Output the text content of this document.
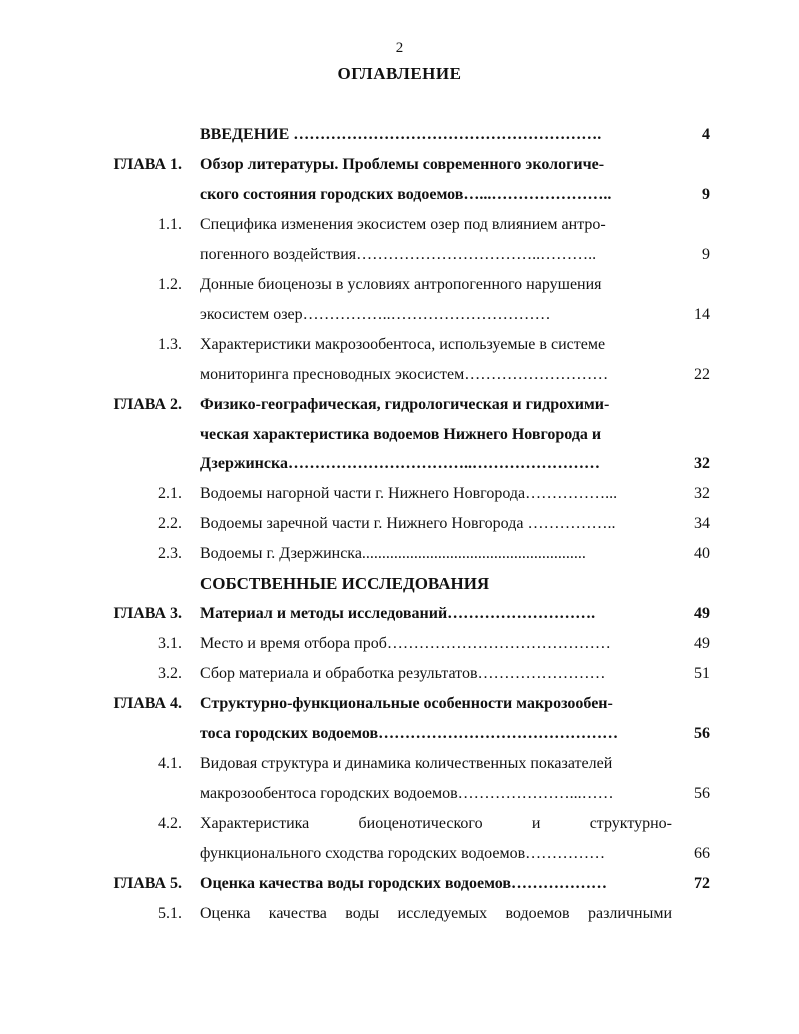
2
ОГЛАВЛЕНИЕ
ВВЕДЕНИЕ ………………………………………………….	4
ГЛАВА 1. Обзор литературы. Проблемы современного экологиче-
ского состояния городских водоемов…...…………………..	9
1.1. Специфика изменения экосистем озер под влиянием антро-
погенного воздействия……………………………..………..	9
1.2. Донные биоценозы в условиях антропогенного нарушения
экосистем озер……………..…………………………	14
1.3. Характеристики макрозообентоса, используемые в системе
мониторинга пресноводных экосистем………………………	22
ГЛАВА 2. Физико-географическая, гидрологическая и гидрохими-
ческая характеристика водоемов Нижнего Новгорода и
Дзержинска……………………………..……………………	32
2.1. Водоемы нагорной части г. Нижнего Новгорода……………...	32
2.2. Водоемы заречной части г. Нижнего Новгорода ……………..	34
2.3. Водоемы г. Дзержинска........................................................	40
СОБСТВЕННЫЕ ИССЛЕДОВАНИЯ
ГЛАВА 3. Материал и методы исследований……………………….	49
3.1. Место и время отбора проб……………………………………	49
3.2. Сбор материала и обработка результатов……………………	51
ГЛАВА 4. Структурно-функциональные особенности макрозообен-
тоса городских водоемов………………………………………	56
4.1. Видовая структура и динамика количественных показателей
макрозообентоса городских водоемов…………………...……	56
4.2. Характеристика биоценотического и структурно-
функционального сходства городских водоемов……………	66
ГЛАВА 5. Оценка качества воды городских водоемов………………	72
5.1. Оценка качества воды исследуемых водоемов различными
